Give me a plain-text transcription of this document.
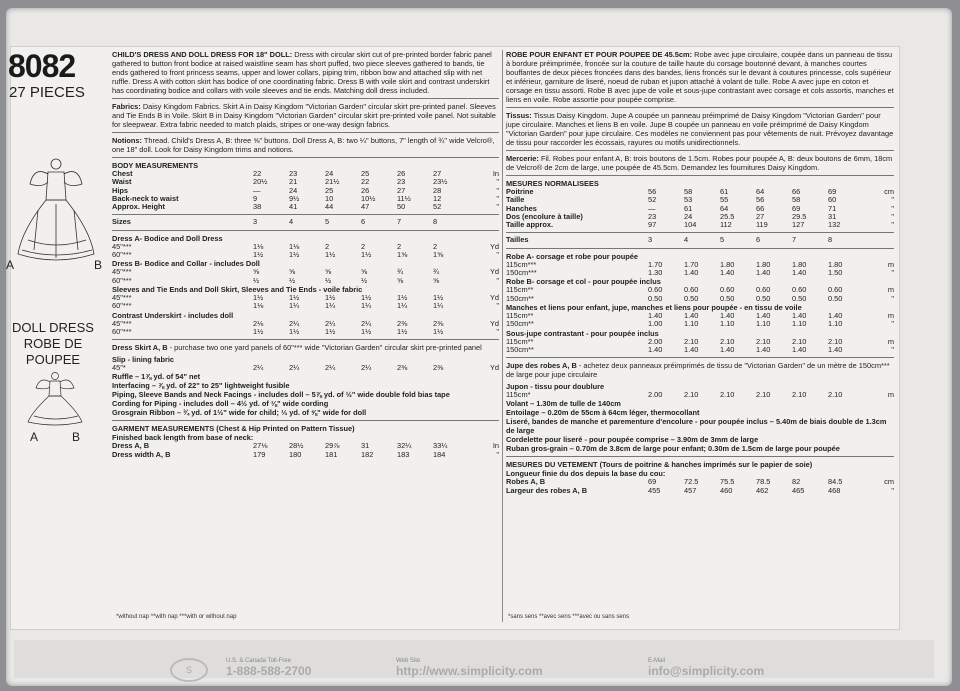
8082
27 PIECES
A	B
DOLL DRESS
ROBE DE
POUPEE
A	B

CHILD'S DRESS AND DOLL DRESS FOR 18" DOLL: Dress with circular skirt cut of pre-printed border fabric panel gathered to button front bodice at raised waistline seam has short puffed, two piece sleeves gathered to bands, tie ends gathered to front princess seams, upper and lower collars, piping trim, ribbon bow and attached slip with net ruffle. Dress A with cotton skirt has bodice of one coordinating fabric. Dress B with voile skirt and contrast underskirt has coordinating bodice and collars with voile sleeves and tie ends. Matching doll dress included.

Fabrics: Daisy Kingdom Fabrics. Skirt A in Daisy Kingdom "Victorian Garden" circular skirt pre-printed panel. Sleeves and Tie Ends B in Voile. Skirt B in Daisy Kingdom "Victorian Garden" circular skirt pre-printed voile panel. Not suitable for sleepwear. Extra fabric needed to match plaids, stripes or one-way design fabrics.

Notions: Thread. Child's Dress A, B: three ⅝" buttons. Doll Dress A, B: two ¼" buttons, 7" length of ¾" wide Velcro®, one 18" doll. Look for Daisy Kingdom trims and notions.

BODY MEASUREMENTS
Chest	22	23	24	25	26	27	In
Waist	20½	21	21½	22	23	23½	"
Hips	—	24	25	26	27	28	"
Back-neck to waist	9	9½	10	10½	11½	12	"
Approx. Height	38	41	44	47	50	52	"
Sizes	3	4	5	6	7	8	
Dress A- Bodice and Doll Dress
45"***	1⅛	1⅛	2	2	2	2	Yd
60"***	1½	1½	1½	1½	1⅝	1⅝	"
Dress B- Bodice and Collar - includes Doll
45"***	⅝	⅝	⅝	⅝	¾	¾	Yd
60"***	½	½	½	½	⅝	⅝	"
Sleeves and Tie Ends and Doll Skirt, Sleeves and Tie Ends - voile fabric
45"***	1½	1½	1½	1½	1½	1½	Yd
60"***	1⅛	1¼	1¼	1¼	1¼	1¼	"
Contrast Underskirt - includes doll
45"***	2⅛	2¼	2¼	2¼	2⅜	2⅜	Yd
60"***	1½	1½	1½	1½	1½	1½	"

Dress Skirt A, B - purchase two one yard panels of 60"*** wide "Victorian Garden" circular skirt pre-printed panel

Slip - lining fabric
45"*	2¼	2¼	2¼	2¼	2⅜	2⅜	Yd
Ruffle – 1⅞ yd. of 54" net
Interfacing – ⅞ yd. of 22" to 25" lightweight fusible
Piping, Sleeve Bands and Neck Facings - includes doll – 5⅞ yd. of ½" wide double fold bias tape
Cording for Piping - includes doll – 4½ yd. of ⅛" wide cording
Grosgrain Ribbon – ¾ yd. of 1½" wide for child; ⅓ yd. of ⅝" wide for doll
GARMENT MEASUREMENTS (Chest & Hip Printed on Pattern Tissue)
Finished back length from base of neck:
Dress A, B	27⅛	28½	29⅞	31	32¼	33¼	In
Dress width A, B	179	180	181	182	183	184	"

ROBE POUR ENFANT ET POUR POUPEE DE 45.5cm: Robe avec jupe circulaire, coupée dans un panneau de tissu à bordure préimprimée, froncée sur la couture de taille haute du corsage boutonné devant, à manches courtes bouffantes de deux pièces froncées dans des bandes, liens froncés sur le devant à coutures princesse, cols supérieur et inférieur, garniture de liseré, noeud de ruban et jupon attaché à volant de tulle. Robe A avec jupe en coton et corsage en tissu assorti. Robe B avec jupe de voile et sous-jupe contrastant avec corsage et cols assortis, manches et liens en voile. Robe assortie pour poupée comprise.

Tissus: Tissus Daisy Kingdom. Jupe A coupée un panneau préimprimé de Daisy Kingdom "Victorian Garden" pour jupe circulaire. Manches et liens B en voile. Jupe B coupée un panneau en voile préimprimé de Daisy Kingdom "Victorian Garden" pour jupe circulaire. Ces modèles ne conviennent pas pour vêtements de nuit. Prévoyez davantage de tissu pour raccorder les écossais, rayures ou motifs unidirectionnels.

Mercerie: Fil. Robes pour enfant A, B: trois boutons de 1.5cm. Robes pour poupée A, B: deux boutons de 6mm, 18cm de Velcro® de 2cm de large, une poupée de 45.5cm. Demandez les fournitures Daisy Kingdom.

MESURES NORMALISEES
Poitrine	56	58	61	64	66	69	cm
Taille	52	53	55	56	58	60	"
Hanches	—	61	64	66	69	71	"
Dos (encolure à taille)	23	24	25.5	27	29.5	31	"
Taille approx.	97	104	112	119	127	132	"
Tailles	3	4	5	6	7	8	
Robe A- corsage et robe pour poupée
115cm***	1.70	1.70	1.80	1.80	1.80	1.80	m
150cm***	1.30	1.40	1.40	1.40	1.40	1.50	"
Robe B- corsage et col - pour poupée inclus
115cm**	0.60	0.60	0.60	0.60	0.60	0.60	m
150cm**	0.50	0.50	0.50	0.50	0.50	0.50	"
Manches et liens pour enfant, jupe, manches et liens pour poupée - en tissu de voile
115cm**	1.40	1.40	1.40	1.40	1.40	1.40	m
150cm**	1.00	1.10	1.10	1.10	1.10	1.10	"
Sous-jupe contrastant - pour poupée inclus
115cm**	2.00	2.10	2.10	2.10	2.10	2.10	m
150cm**	1.40	1.40	1.40	1.40	1.40	1.40	"

Jupe des robes A, B - achetez deux panneaux préimprimés de tissu de "Victorian Garden" de un mètre de 150cm*** de large pour jupe circulaire

Jupon - tissu pour doublure
115cm*	2.00	2.10	2.10	2.10	2.10	2.10	m
Volant – 1.30m de tulle de 140cm
Entoilage – 0.20m de 55cm à 64cm léger, thermocollant
Liseré, bandes de manche et parementure d'encolure - pour poupée inclus – 5.40m de biais double de 1.3cm de large
Cordelette pour liseré - pour poupée comprise – 3.90m de 3mm de large
Ruban gros-grain – 0.70m de 3.8cm de large pour enfant; 0.30m de 1.5cm de large pour poupée
MESURES DU VETEMENT (Tours de poitrine & hanches imprimés sur le papier de soie)
Longueur finie du dos depuis la base du cou:
Robes A, B	69	72.5	75.5	78.5	82	84.5	cm
Largeur des robes A, B	455	457	460	462	465	468	"
*without nap **with nap ***with or without nap	*sans sens **avec sens ***avec ou sans sens
S
U.S. & Canada Toll-Free
1-888-588-2700
Web Site
http://www.simplicity.com
E-Mail
info@simplicity.com
